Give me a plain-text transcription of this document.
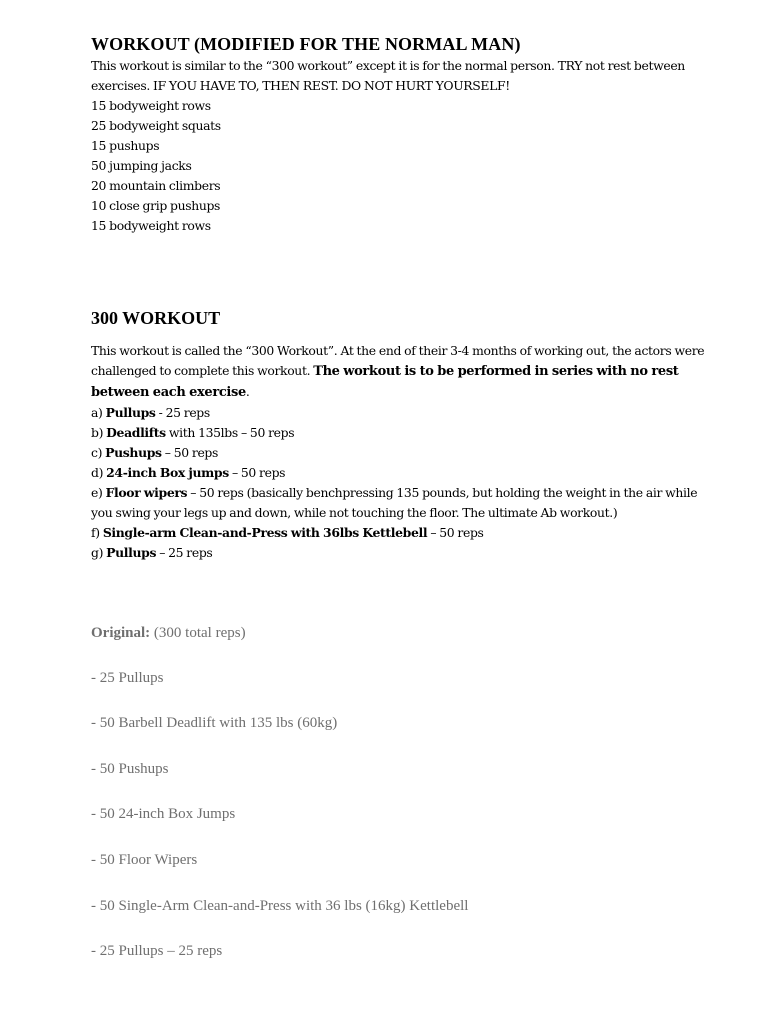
WORKOUT (MODIFIED FOR THE NORMAL MAN)

This workout is similar to the “300 workout” except it is for the normal person. TRY not rest between
exercises. IF YOU HAVE TO, THEN REST. DO NOT HURT YOURSELF!
15 bodyweight rows
25 bodyweight squats
15 pushups
50 jumping jacks
20 mountain climbers
10 close grip pushups
15 bodyweight rows

300 WORKOUT

This workout is called the “300 Workout”. At the end of their 3-4 months of working out, the actors were
challenged to complete this workout. The workout is to be performed in series with no rest
between each exercise.
a) Pullups - 25 reps
b) Deadlifts with 135lbs – 50 reps
c) Pushups – 50 reps
d) 24-inch Box jumps – 50 reps
e) Floor wipers – 50 reps (basically benchpressing 135 pounds, but holding the weight in the air while
you swing your legs up and down, while not touching the floor. The ultimate Ab workout.)
f) Single-arm Clean-and-Press with 36lbs Kettlebell – 50 reps
g) Pullups – 25 reps

Original: (300 total reps)
- 25 Pullups
- 50 Barbell Deadlift with 135 lbs (60kg)
- 50 Pushups
- 50 24-inch Box Jumps
- 50 Floor Wipers
- 50 Single-Arm Clean-and-Press with 36 lbs (16kg) Kettlebell
- 25 Pullups – 25 reps
